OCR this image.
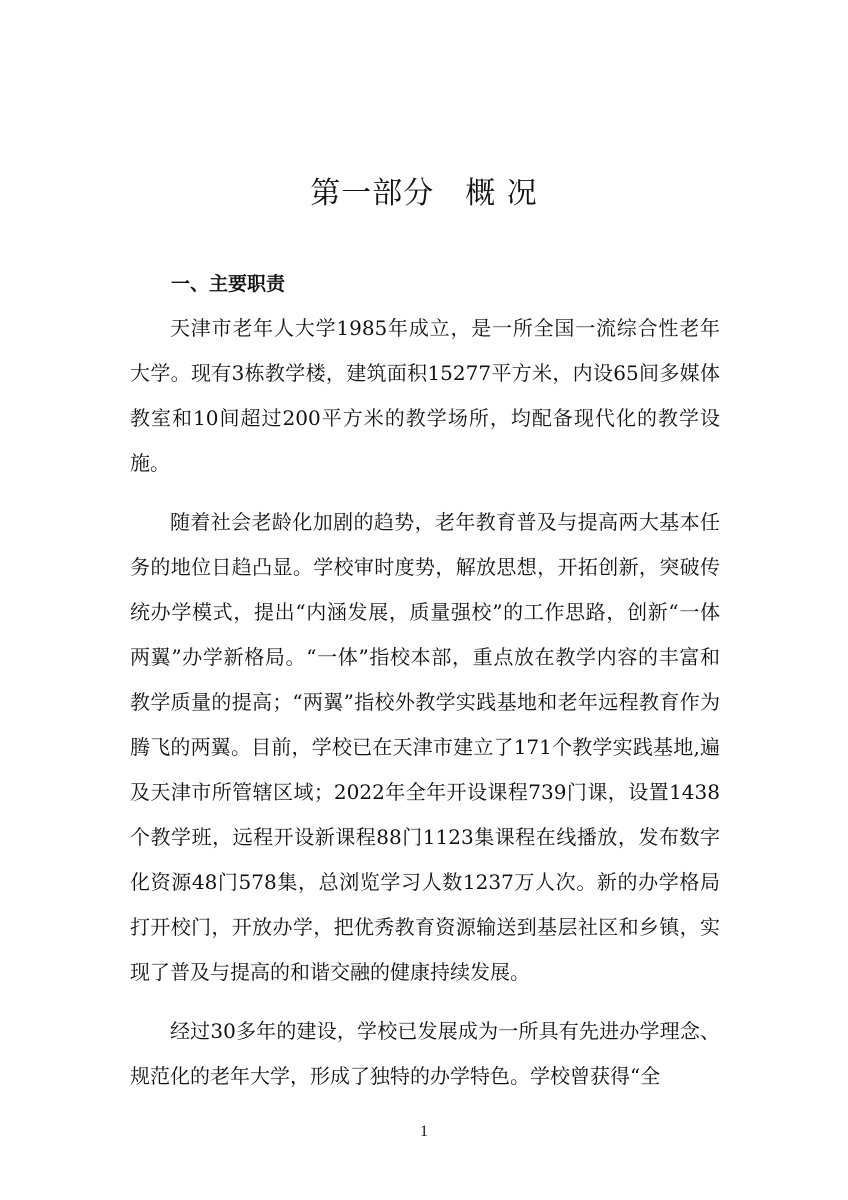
第一部分　概 况
一、主要职责

天津市老年人大学1985年成立，是一所全国一流综合性老年大学。现有3栋教学楼，建筑面积15277平方米，内设65间多媒体教室和10间超过200平方米的教学场所，均配备现代化的教学设施。

随着社会老龄化加剧的趋势，老年教育普及与提高两大基本任务的地位日趋凸显。学校审时度势，解放思想，开拓创新，突破传统办学模式，提出“内涵发展，质量强校”的工作思路，创新“一体两翼”办学新格局。“一体”指校本部，重点放在教学内容的丰富和教学质量的提高；“两翼”指校外教学实践基地和老年远程教育作为腾飞的两翼。目前，学校已在天津市建立了171个教学实践基地,遍及天津市所管辖区域；2022年全年开设课程739门课，设置1438个教学班，远程开设新课程88门1123集课程在线播放，发布数字化资源48门578集，总浏览学习人数1237万人次。新的办学格局打开校门，开放办学，把优秀教育资源输送到基层社区和乡镇，实现了普及与提高的和谐交融的健康持续发展。

经过30多年的建设，学校已发展成为一所具有先进办学理念、规范化的老年大学，形成了独特的办学特色。学校曾获得“全

1
